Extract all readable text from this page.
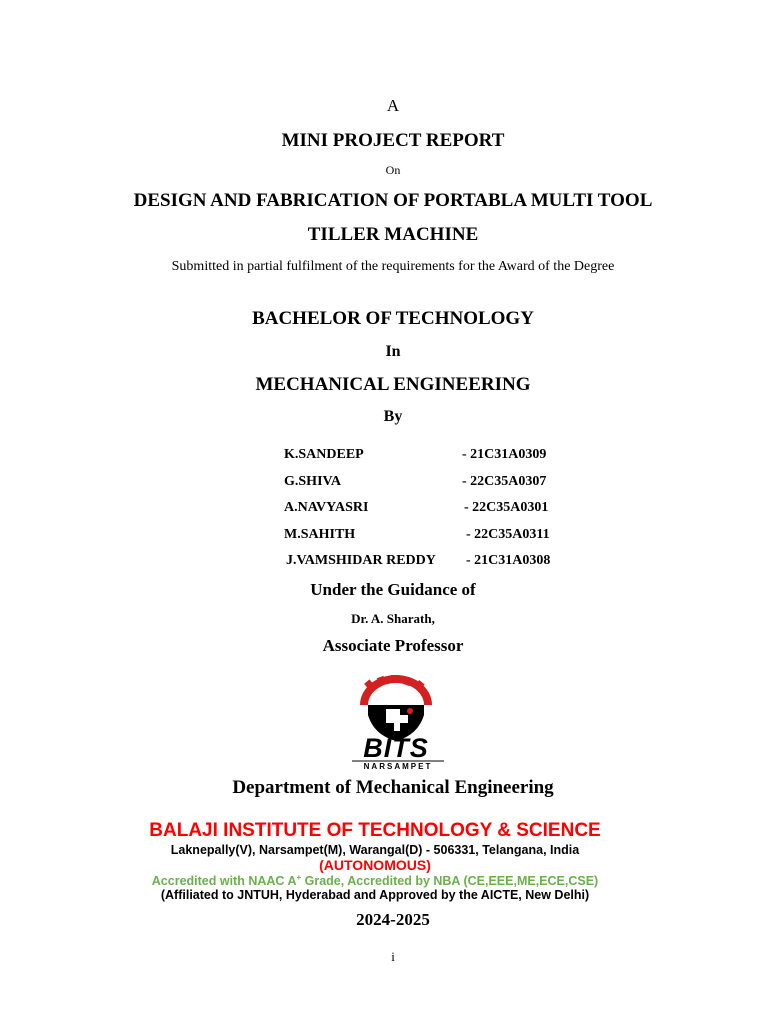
A

MINI PROJECT REPORT

On

DESIGN AND FABRICATION OF PORTABLA MULTI TOOL

TILLER MACHINE

Submitted in partial fulfilment of the requirements for the Award of the Degree

BACHELOR OF TECHNOLOGY

In

MECHANICAL ENGINEERING

By

K.SANDEEP	- 21C31A0309
G.SHIVA	- 22C35A0307
A.NAVYASRI	- 22C35A0301
M.SAHITH	- 22C35A0311
J.VAMSHIDAR REDDY - 21C31A0308

Under the Guidance of

Dr. A. Sharath,

Associate Professor

BITS
NARSAMPET

Department of Mechanical Engineering

BALAJI INSTITUTE OF TECHNOLOGY & SCIENCE

Laknepally(V), Narsampet(M), Warangal(D) - 506331, Telangana, India

(AUTONOMOUS)

Accredited with NAAC A+ Grade, Accredited by NBA (CE,EEE,ME,ECE,CSE)

(Affiliated to JNTUH, Hyderabad and Approved by the AICTE, New Delhi)

2024-2025

i
